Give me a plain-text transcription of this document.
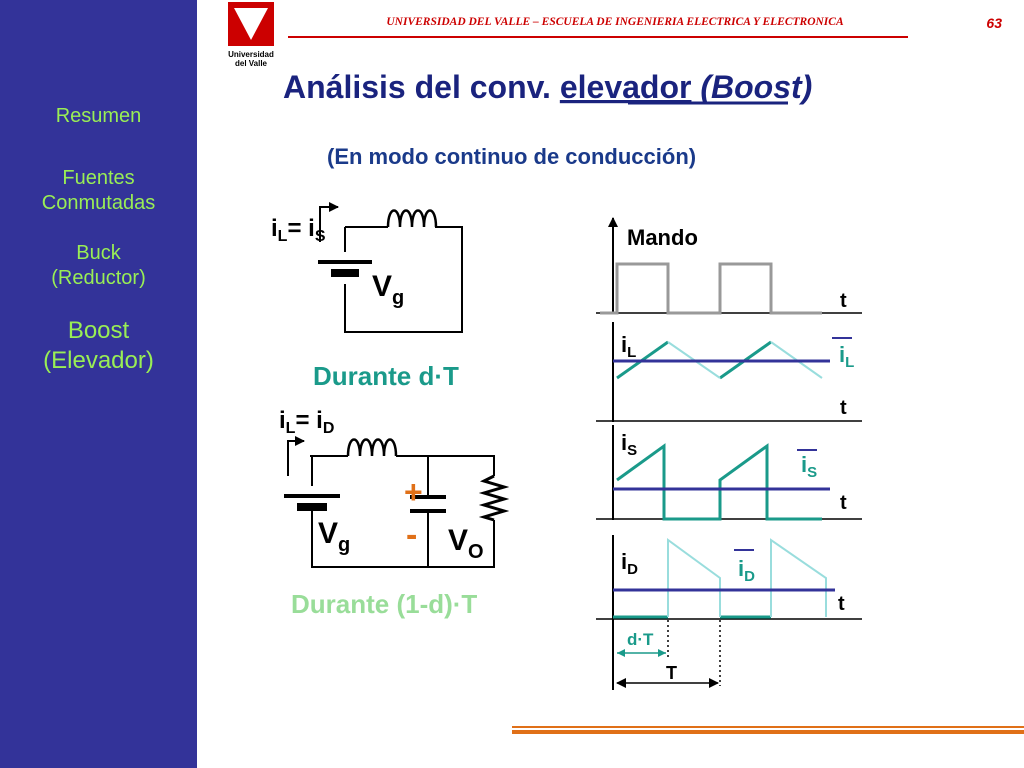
Resumen
Fuentes
Conmutadas
Buck
(Reductor)
Boost
(Elevador)
Universidad
del Valle
UNIVERSIDAD DEL VALLE – ESCUELA DE INGENIERIA ELECTRICA Y ELECTRONICA	63
Análisis del conv. elevador (Boost)
(En modo continuo de conducción)
$i_L= i_S$
$V_g$
Durante d·T
$i_L= i_D$
$V_g$
+
- $V_O$
Durante (1-d)·T
Mando
t
$i_L$	$i_L$
t
$i_S$
$i_S$
t
$i_D$	$i_D$
t
d·T
T
